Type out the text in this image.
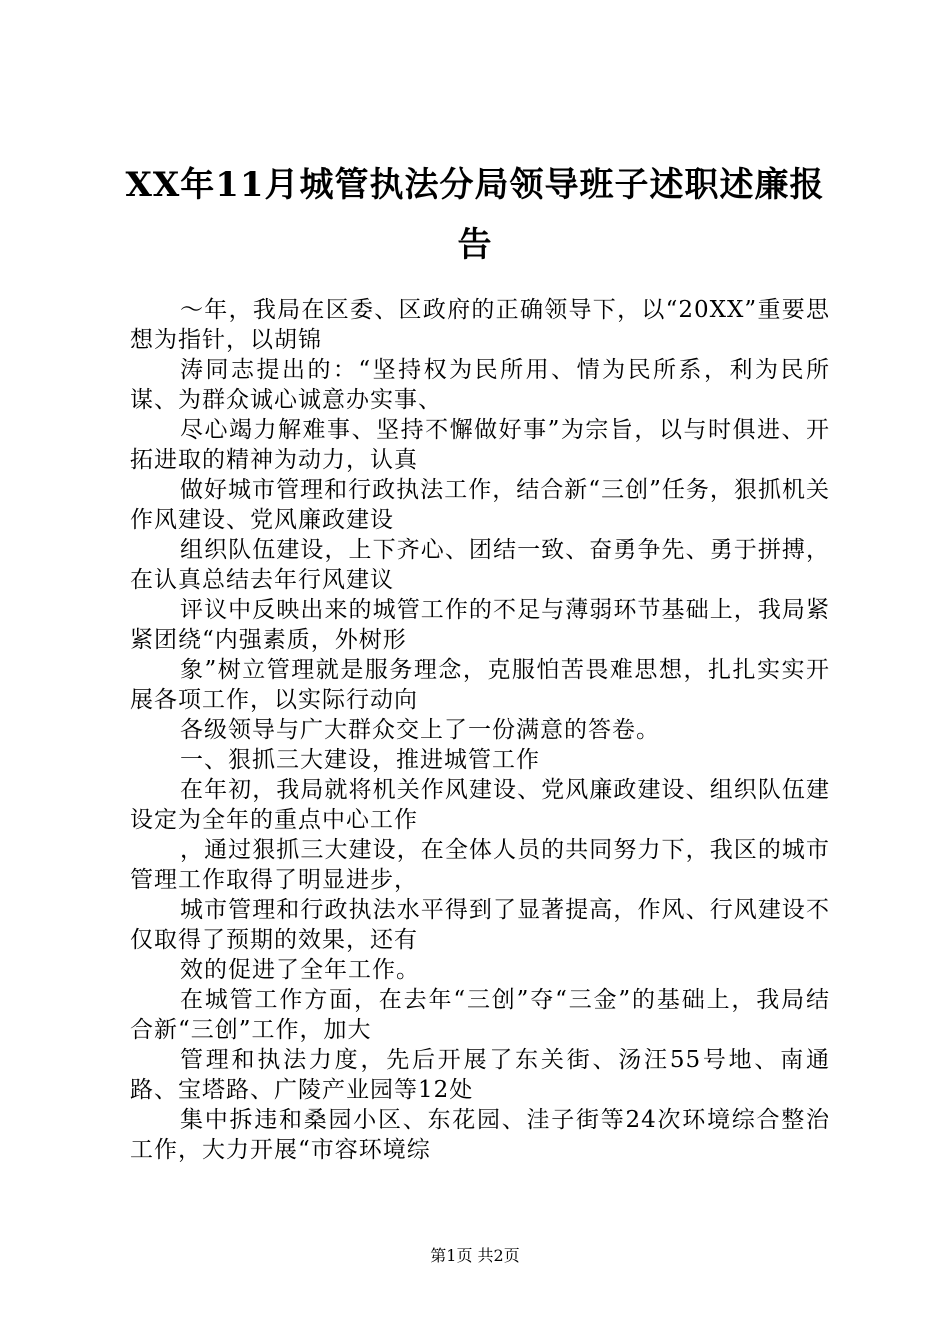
XX年11月城管执法分局领导班子述职述廉报
告

～年，我局在区委、区政府的正确领导下，以“20XX”重要思想为指针，以胡锦

涛同志提出的：“坚持权为民所用、情为民所系，利为民所谋、为群众诚心诚意办实事、

尽心竭力解难事、坚持不懈做好事”为宗旨，以与时俱进、开拓进取的精神为动力，认真

做好城市管理和行政执法工作，结合新“三创”任务，狠抓机关作风建设、党风廉政建设

组织队伍建设，上下齐心、团结一致、奋勇争先、勇于拼搏，在认真总结去年行风建议

评议中反映出来的城管工作的不足与薄弱环节基础上，我局紧紧团绕“内强素质，外树形

象”树立管理就是服务理念，克服怕苦畏难思想，扎扎实实开展各项工作，以实际行动向

各级领导与广大群众交上了一份满意的答卷。

一、狠抓三大建设，推进城管工作

在年初，我局就将机关作风建设、党风廉政建设、组织队伍建设定为全年的重点中心工作

，通过狠抓三大建设，在全体人员的共同努力下，我区的城市管理工作取得了明显进步，

城市管理和行政执法水平得到了显著提高，作风、行风建设不仅取得了预期的效果，还有

效的促进了全年工作。

在城管工作方面，在去年“三创”夺“三金”的基础上，我局结合新“三创”工作，加大

管理和执法力度，先后开展了东关街、汤汪55号地、南通路、宝塔路、广陵产业园等12处

集中拆违和桑园小区、东花园、洼子街等24次环境综合整治工作，大力开展“市容环境综

第1页 共2页
